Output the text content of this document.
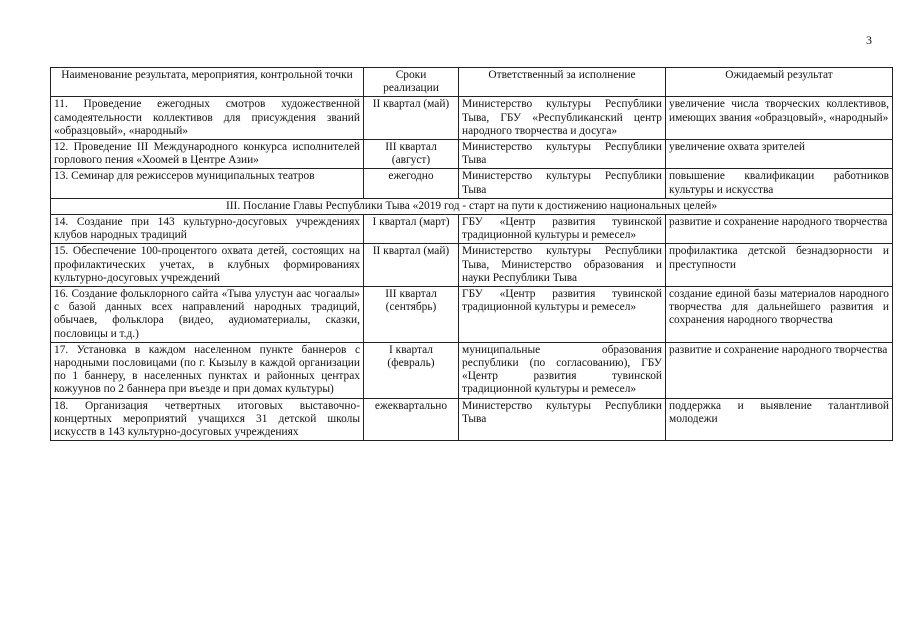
3
Наименование результата, мероприятия, контрольной точки	Сроки реализации	Ответственный за исполнение	Ожидаемый результат
11. Проведение ежегодных смотров художественной самодеятельности коллективов для присуждения званий «образцовый», «народный»	II квартал (май)	Министерство культуры Республики Тыва, ГБУ «Республиканский центр народного творчества и досуга»	увеличение числа творческих коллективов, имеющих звания «образцовый», «народный»
12. Проведение III Международного конкурса исполнителей горлового пения «Хоомей в Центре Азии»	III квартал (август)	Министерство культуры Республики Тыва	увеличение охвата зрителей
13. Семинар для режиссеров муниципальных театров	ежегодно	Министерство культуры Республики Тыва	повышение квалификации работников культуры и искусства
III. Послание Главы Республики Тыва «2019 год - старт на пути к достижению национальных целей»			
14. Создание при 143 культурно-досуговых учреждениях клубов народных традиций	I квартал (март)	ГБУ «Центр развития тувинской традиционной культуры и ремесел»	развитие и сохранение народного творчества
15. Обеспечение 100-процентого охвата детей, состоящих на профилактических учетах, в клубных формированиях культурно-досуговых учреждений	II квартал (май)	Министерство культуры Республики Тыва, Министерство образования и науки Республики Тыва	профилактика детской безнадзорности и преступности
16. Создание фольклорного сайта «Тыва улустун аас чогаалы» с базой данных всех направлений народных традиций, обычаев, фольклора (видео, аудиоматериалы, сказки, пословицы и т.д.)	III квартал (сентябрь)	ГБУ «Центр развития тувинской традиционной культуры и ремесел»	создание единой базы материалов народного творчества для дальнейшего развития и сохранения народного творчества
17. Установка в каждом населенном пункте баннеров с народными пословицами (по г. Кызылу в каждой организации по 1 баннеру, в населенных пунктах и районных центрах кожуунов по 2 баннера при въезде и при домах культуры)	I квартал (февраль)	муниципальные образования республики (по согласованию), ГБУ «Центр развития тувинской традиционной культуры и ремесел»	развитие и сохранение народного творчества
18. Организация четвертных итоговых выставочно-концертных мероприятий учащихся 31 детской школы искусств в 143 культурно-досуговых учреждениях	ежеквартально	Министерство культуры Республики Тыва	поддержка и выявление талантливой молодежи
